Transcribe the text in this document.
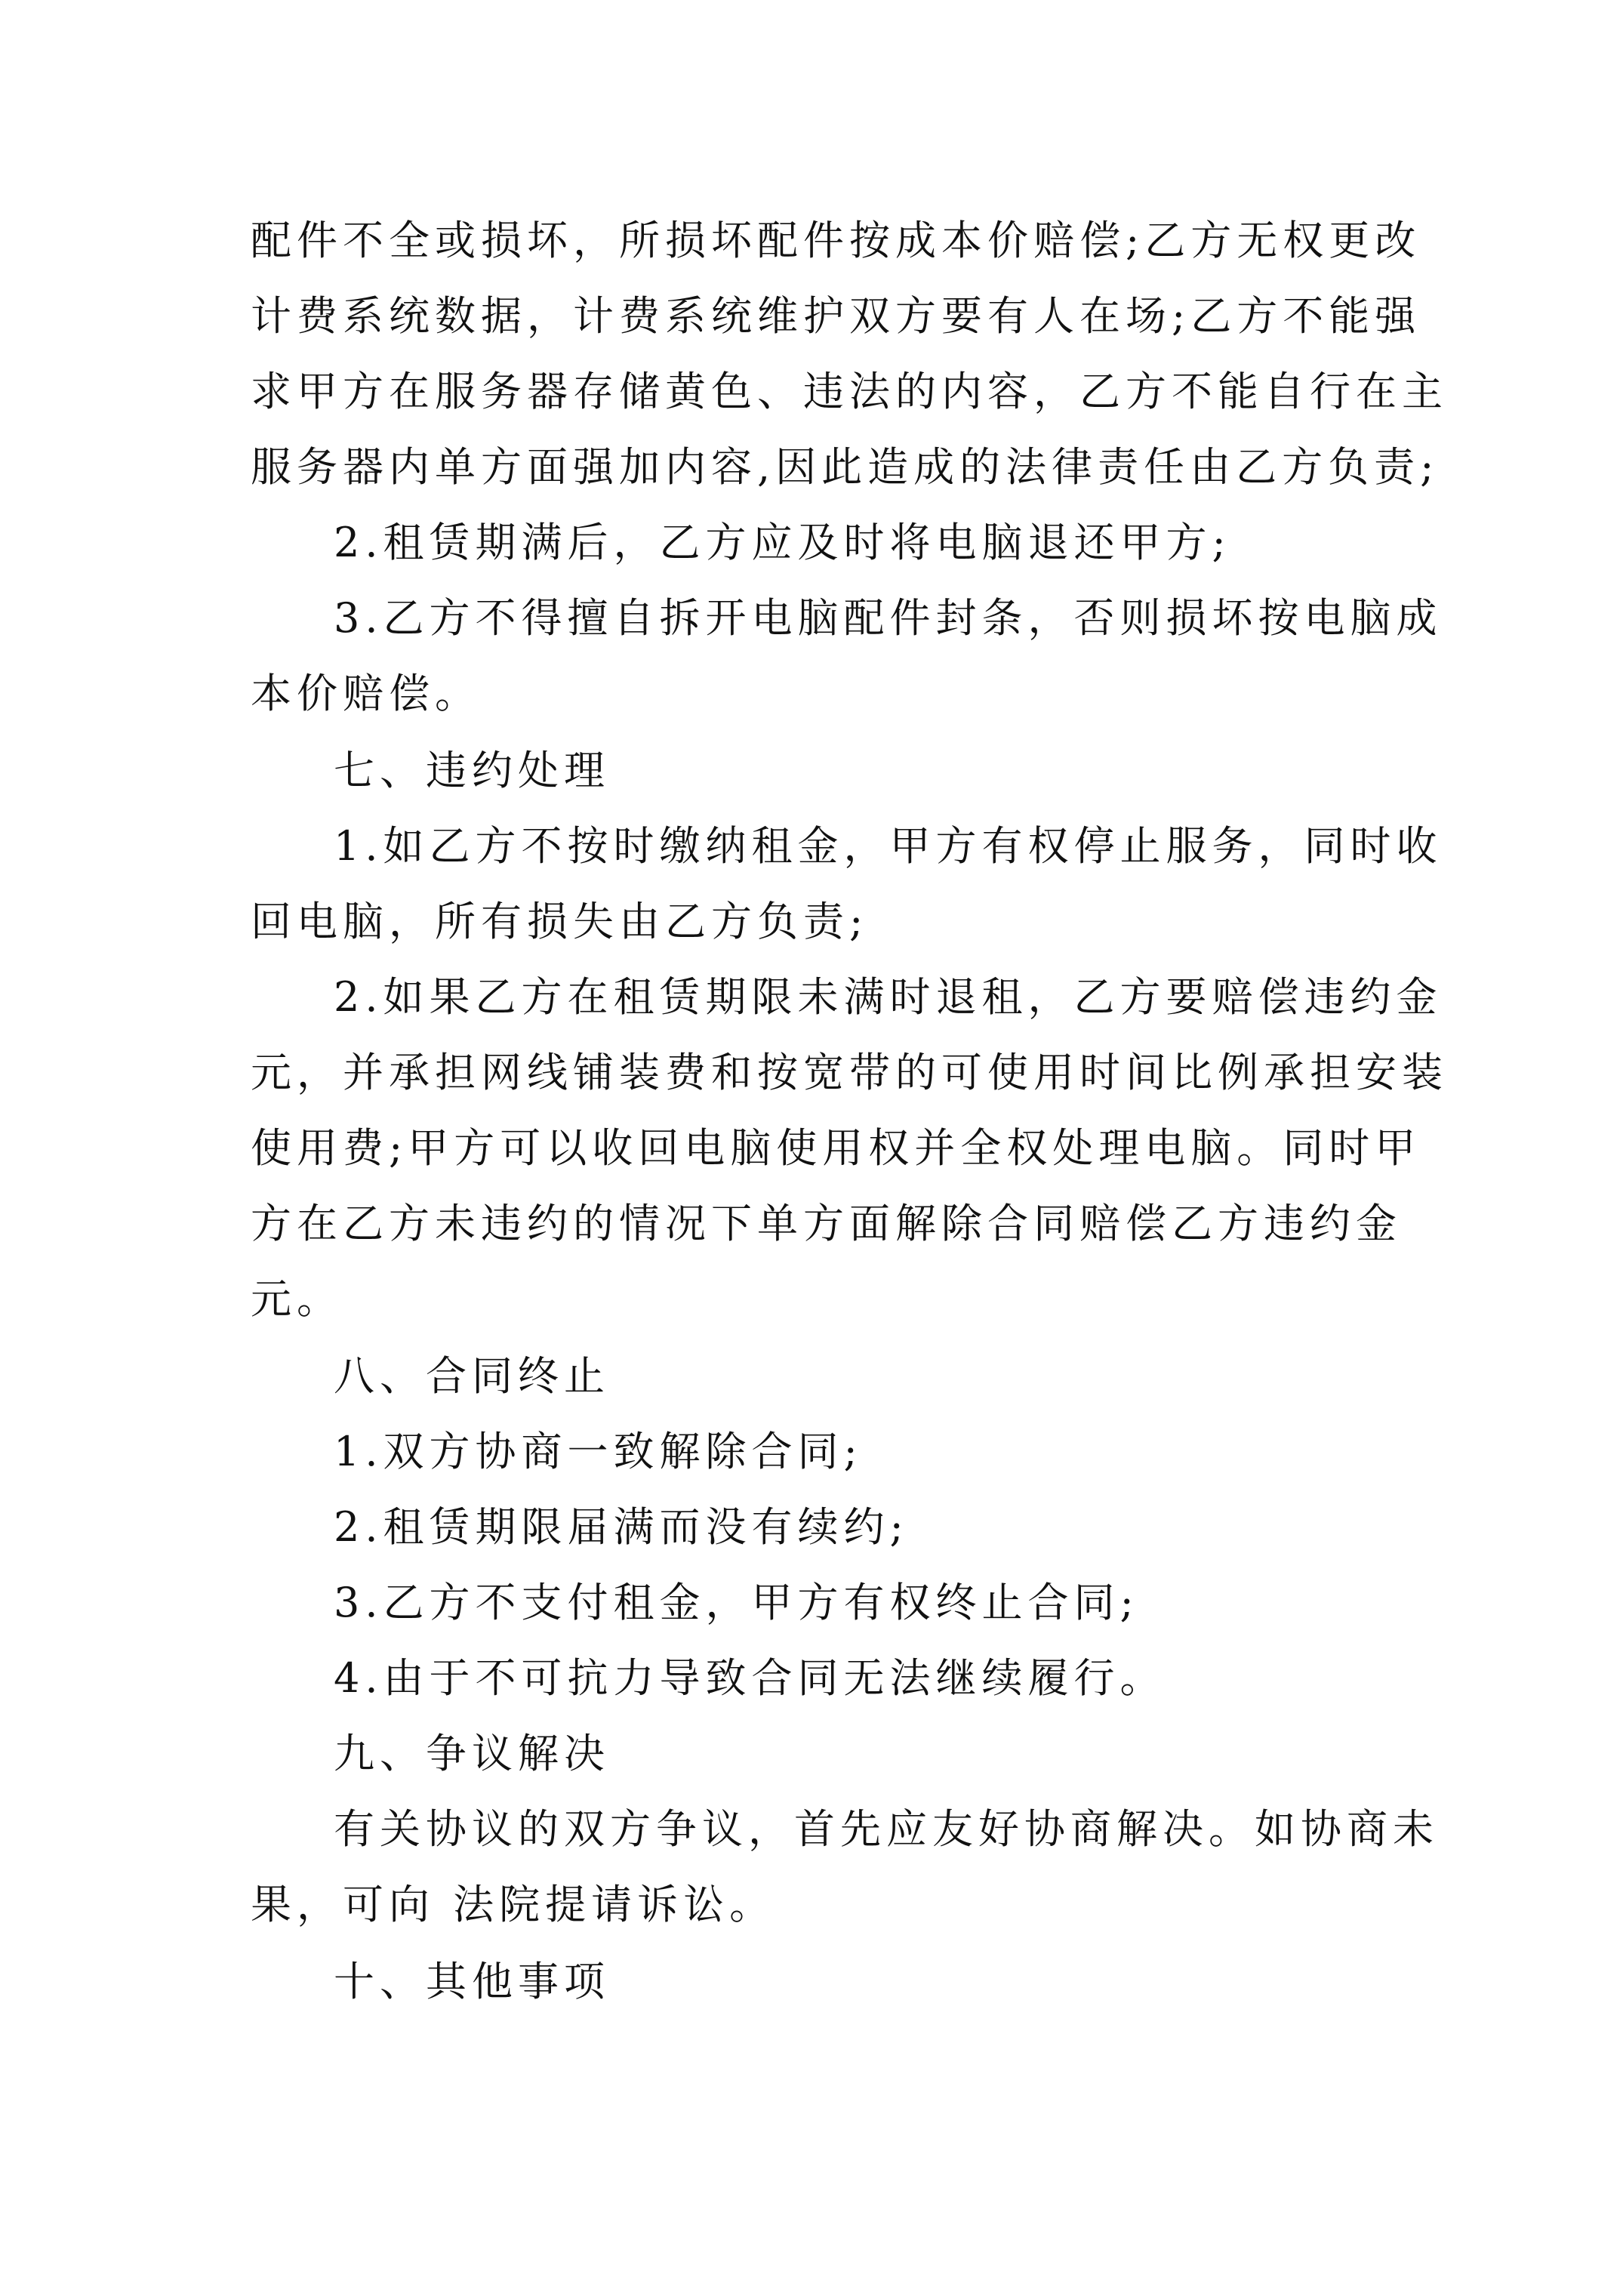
配件不全或损坏，所损坏配件按成本价赔偿;乙方无权更改
计费系统数据，计费系统维护双方要有人在场;乙方不能强
求甲方在服务器存储黄色、违法的内容，乙方不能自行在主
服务器内单方面强加内容,因此造成的法律责任由乙方负责;
2.租赁期满后，乙方应及时将电脑退还甲方;
3.乙方不得擅自拆开电脑配件封条，否则损坏按电脑成
本价赔偿。
七、违约处理
1.如乙方不按时缴纳租金，甲方有权停止服务，同时收
回电脑，所有损失由乙方负责;
2.如果乙方在租赁期限未满时退租，乙方要赔偿违约金
元，并承担网线铺装费和按宽带的可使用时间比例承担安装
使用费;甲方可以收回电脑使用权并全权处理电脑。同时甲
方在乙方未违约的情况下单方面解除合同赔偿乙方违约金
元。
八、合同终止
1.双方协商一致解除合同;
2.租赁期限届满而没有续约;
3.乙方不支付租金，甲方有权终止合同;
4.由于不可抗力导致合同无法继续履行。
九、争议解决
有关协议的双方争议，首先应友好协商解决。如协商未
果，可向 法院提请诉讼。
十、其他事项
